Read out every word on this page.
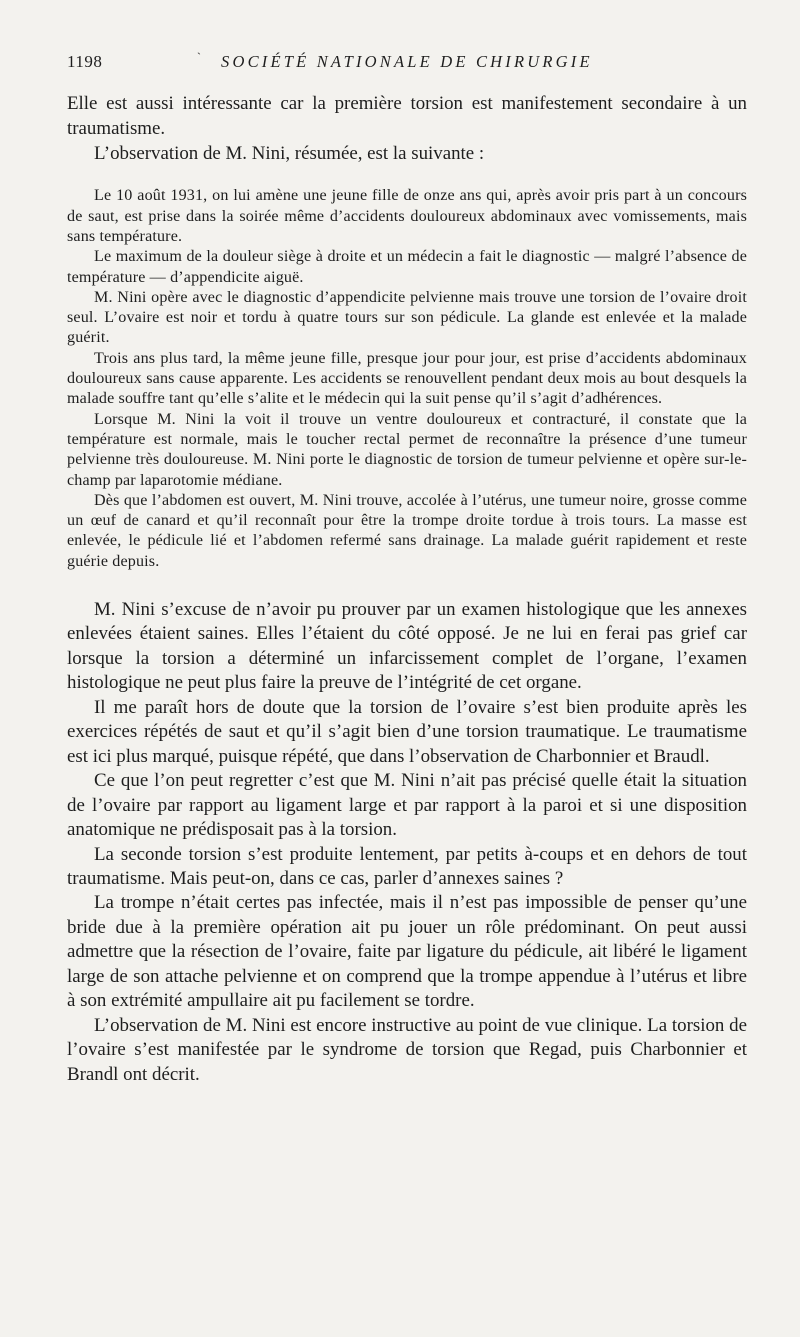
1198	` SOCIÉTÉ NATIONALE DE CHIRURGIE

Elle est aussi intéressante car la première torsion est manifestement secondaire à un traumatisme.

L’observation de M. Nini, résumée, est la suivante :

Le 10 août 1931, on lui amène une jeune fille de onze ans qui, après avoir pris part à un concours de saut, est prise dans la soirée même d’accidents douloureux abdominaux avec vomissements, mais sans température.

Le maximum de la douleur siège à droite et un médecin a fait le diagnostic — malgré l’absence de température — d’appendicite aiguë.

M. Nini opère avec le diagnostic d’appendicite pelvienne mais trouve une torsion de l’ovaire droit seul. L’ovaire est noir et tordu à quatre tours sur son pédicule. La glande est enlevée et la malade guérit.

Trois ans plus tard, la même jeune fille, presque jour pour jour, est prise d’accidents abdominaux douloureux sans cause apparente. Les accidents se renouvellent pendant deux mois au bout desquels la malade souffre tant qu’elle s’alite et le médecin qui la suit pense qu’il s’agit d’adhérences.

Lorsque M. Nini la voit il trouve un ventre douloureux et contracturé, il constate que la température est normale, mais le toucher rectal permet de reconnaître la présence d’une tumeur pelvienne très douloureuse. M. Nini porte le diagnostic de torsion de tumeur pelvienne et opère sur-le-champ par laparotomie médiane.

Dès que l’abdomen est ouvert, M. Nini trouve, accolée à l’utérus, une tumeur noire, grosse comme un œuf de canard et qu’il reconnaît pour être la trompe droite tordue à trois tours. La masse est enlevée, le pédicule lié et l’abdomen refermé sans drainage. La malade guérit rapidement et reste guérie depuis.

M. Nini s’excuse de n’avoir pu prouver par un examen histologique que les annexes enlevées étaient saines. Elles l’étaient du côté opposé. Je ne lui en ferai pas grief car lorsque la torsion a déterminé un infarcissement complet de l’organe, l’examen histologique ne peut plus faire la preuve de l’intégrité de cet organe.

Il me paraît hors de doute que la torsion de l’ovaire s’est bien produite après les exercices répétés de saut et qu’il s’agit bien d’une torsion traumatique. Le traumatisme est ici plus marqué, puisque répété, que dans l’observation de Charbonnier et Braudl.

Ce que l’on peut regretter c’est que M. Nini n’ait pas précisé quelle était la situation de l’ovaire par rapport au ligament large et par rapport à la paroi et si une disposition anatomique ne prédisposait pas à la torsion.

La seconde torsion s’est produite lentement, par petits à-coups et en dehors de tout traumatisme. Mais peut-on, dans ce cas, parler d’annexes saines ?

La trompe n’était certes pas infectée, mais il n’est pas impossible de penser qu’une bride due à la première opération ait pu jouer un rôle prédominant. On peut aussi admettre que la résection de l’ovaire, faite par ligature du pédicule, ait libéré le ligament large de son attache pelvienne et on comprend que la trompe appendue à l’utérus et libre à son extrémité ampullaire ait pu facilement se tordre.

L’observation de M. Nini est encore instructive au point de vue clinique. La torsion de l’ovaire s’est manifestée par le syndrome de torsion que Regad, puis Charbonnier et Brandl ont décrit.
